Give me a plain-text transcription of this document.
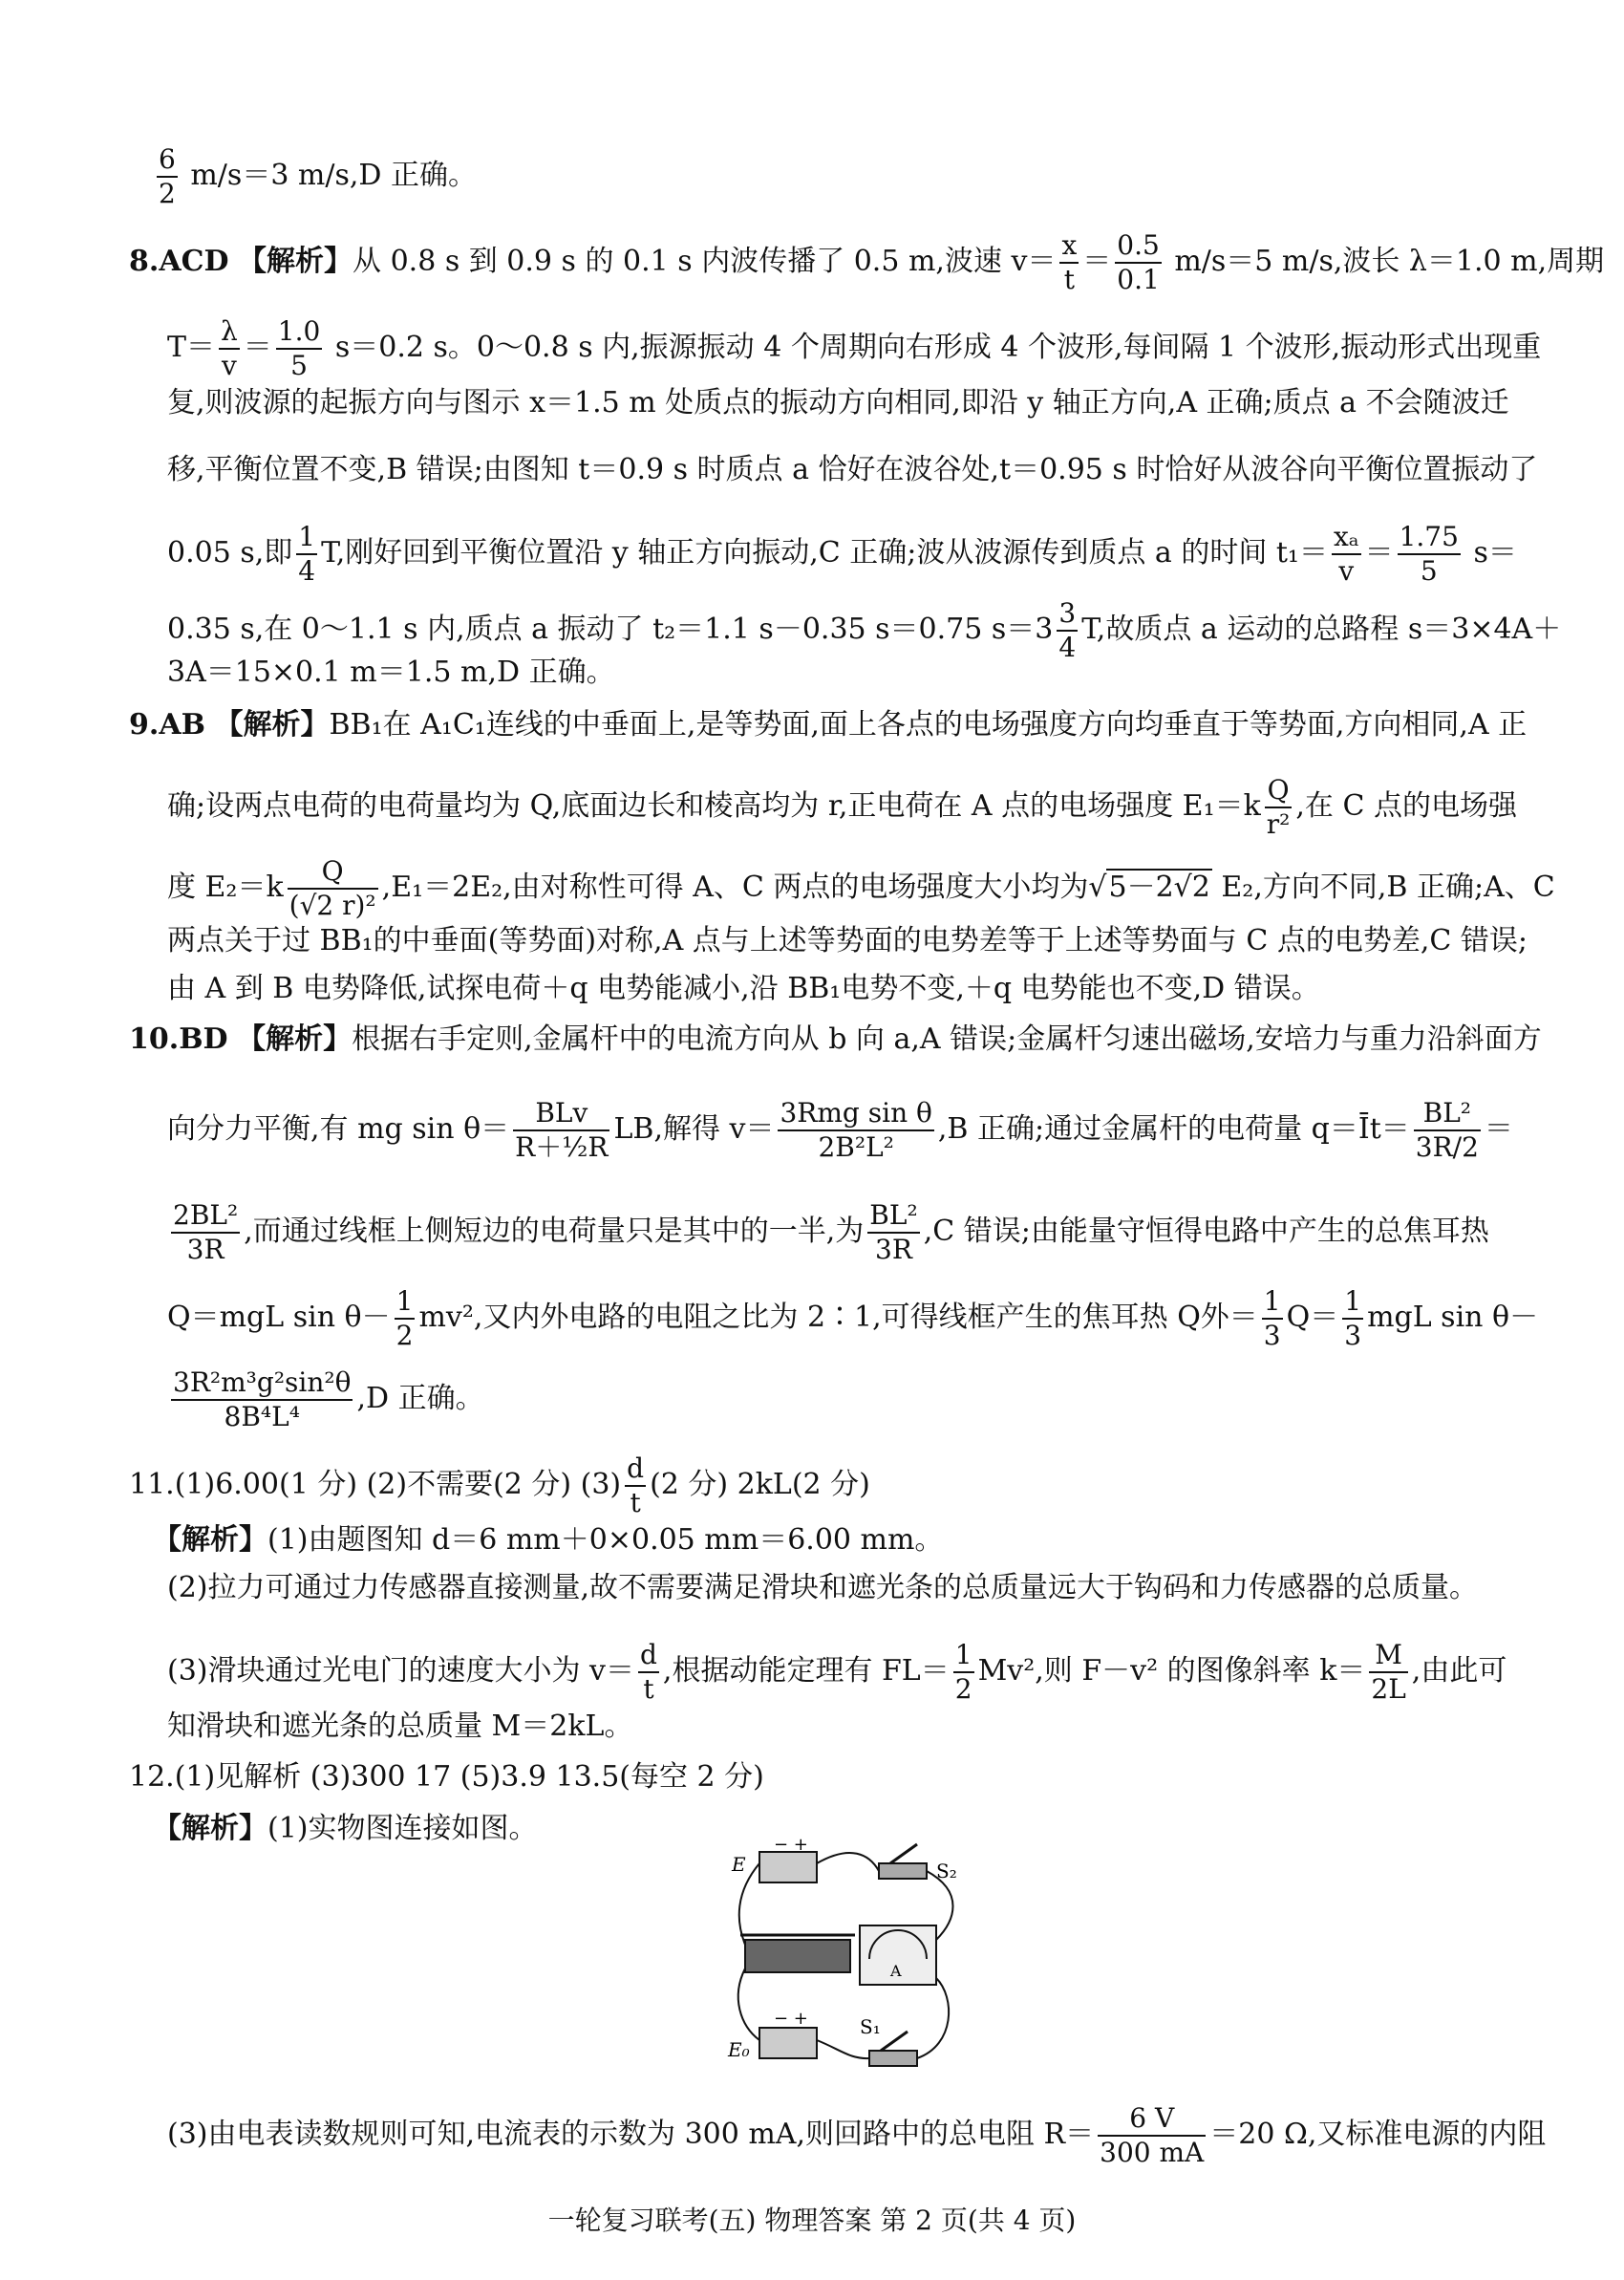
$\frac{6}{2} m/s=3$ m/s,D 正确。
8.ACD 【解析】从 0.8 s 到 0.9 s 的 0.1 s 内波传播了 0.5 m,波速 $v= \frac{x}{t} = \frac{0.5}{0.1} m/s=5$ m/s,波长 λ＝1.0 m,周期
$T= \frac{\lambda}{v} = \frac{1.0}{5} s=0.2$ s。0～0.8 s 内,振源振动 4 个周期向右形成 4 个波形,每间隔 1 个波形,振动形式出现重
复,则波源的起振方向与图示 x＝1.5 m 处质点的振动方向相同,即沿 y 轴正方向,A 正确;质点 a 不会随波迁
移,平衡位置不变,B 错误;由图知 t＝0.9 s 时质点 a 恰好在波谷处,t＝0.95 s 时恰好从波谷向平衡位置振动了
0.05 s,即 $\frac{1}{4} T$,刚好回到平衡位置沿 y 轴正方向振动,C 正确;波从波源传到质点 a 的时间 $t_1= \frac{\text{xₐ}}{v} = \frac{1.75}{5} s=$
0.35 s,在 0～1.1 s 内,质点 a 振动了 t₂＝1.1 s－0.35 s＝0.75 $s=3 \frac{3}{4} T$,故质点 a 运动的总路程 s＝3×4A＋
3A＝15×0.1 m＝1.5 m,D 正确。
9.AB 【解析】BB₁在 A₁C₁连线的中垂面上,是等势面,面上各点的电场强度方向均垂直于等势面,方向相同,A 正
确;设两点电荷的电荷量均为 Q,底面边长和棱高均为 r,正电荷在 A 点的电场强度 $E_1=k \frac{Q}{\text{r²}}$ ,在 C 点的电场强
度 $E_2=k \frac{Q}{\text{(√2 r)²}} ,E_1=2E_2$,由对称性可得 A、C 两点的电场强度大小均为√5－2√2 E₂,方向不同,B 正确;A、C
两点关于过 BB₁的中垂面(等势面)对称,A 点与上述等势面的电势差等于上述等势面与 C 点的电势差,C 错误;
由 A 到 B 电势降低,试探电荷＋q 电势能减小,沿 BB₁电势不变,＋q 电势能也不变,D 错误。
10.BD 【解析】根据右手定则,金属杆中的电流方向从 b 向 a,A 错误;金属杆匀速出磁场,安培力与重力沿斜面方
向分力平衡,有 mg $\sin \theta= \frac{\text{BLv}}{\text{R＋½R}}$ LB,解得 $v= \frac{\text{3Rmg sin θ}}{\text{2B²L²}} ,B$ 正确;通过金属杆的电荷量 q＝Īt＝ $\frac{\text{BL²}}{3R/2}$ ＝
$\frac{\text{2BL²}}{3R}$ ,而通过线框上侧短边的电荷量只是其中的一半,为 $\frac{\text{BL²}}{3R} ,C$ 错误;由能量守恒得电路中产生的总焦耳热
Q＝mgL $\sin \theta- \frac{1}{2} mv^2$,又内外电路的电阻之比为 2∶1,可得线框产生的焦耳热 Q外＝ $\frac{1}{3} Q= \frac{1}{3}$ mgL sin θ－
$\frac{\text{3R²m³g²sin²θ}}{\text{8B⁴L⁴}} ,D$ 正确。
11.(1)6.00(1 分) (2)不需要(2 分) $(3) \frac{d}{t} (2$ 分) 2kL(2 分)
【解析】(1)由题图知 d＝6 mm＋0×0.05 mm＝6.00 mm。
(2)拉力可通过力传感器直接测量,故不需要满足滑块和遮光条的总质量远大于钩码和力传感器的总质量。
(3)滑块通过光电门的速度大小为 $v= \frac{d}{t}$ ,根据动能定理有 $FL= \frac{1}{2} Mv^2$,则 F－v² 的图像斜率 $k= \frac{M}{2L}$ ,由此可
知滑块和遮光条的总质量 M＝2kL。
12.(1)见解析 (3)300 17 (5)3.9 13.5(每空 2 分)
【解析】(1)实物图连接如图。
E
− +
S₂
A
E₀
− +	S₁
(3)由电表读数规则可知,电流表的示数为 300 mA,则回路中的总电阻 $R= \frac{6 V}{300 mA} =20$ Ω,又标准电源的内阻
一轮复习联考(五) 物理答案 第 2 页(共 4 页)
